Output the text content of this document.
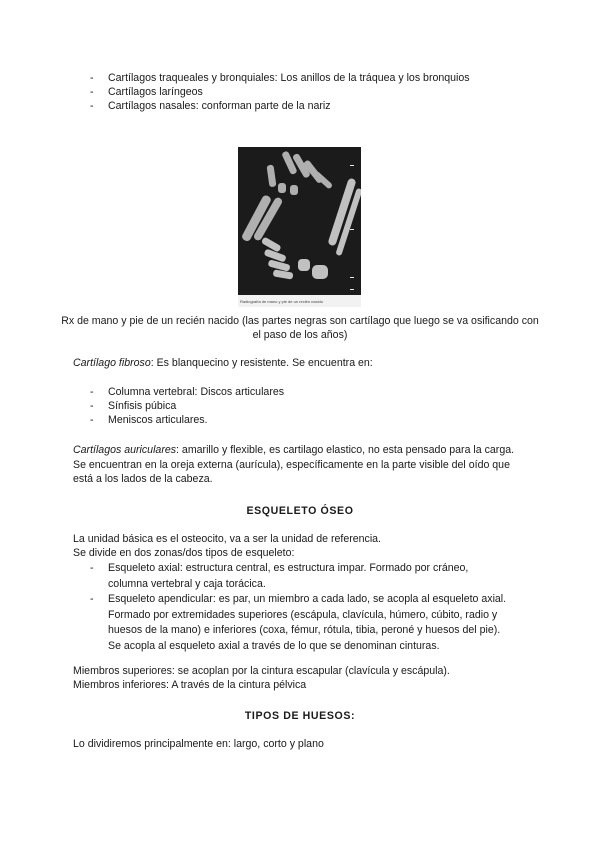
- Cartílagos traqueales y bronquiales: Los anillos de la tráquea y los bronquios
- Cartílagos laríngeos
- Cartílagos nasales: conforman parte de la nariz
Radiografía de mano y pie de un recién nacido
Rx de mano y pie de un recién nacido (las partes negras son cartílago que luego se va osificando con el paso de los años)
Cartílago fibroso: Es blanquecino y resistente. Se encuentra en:
- Columna vertebral: Discos articulares
- Sínfisis púbica
- Meniscos articulares.
Cartílagos auriculares: amarillo y flexible, es cartilago elastico, no esta pensado para la carga. Se encuentran en la oreja externa (aurícula), específicamente en la parte visible del oído que está a los lados de la cabeza.
ESQUELETO ÓSEO
La unidad básica es el osteocito, va a ser la unidad de referencia.
Se divide en dos zonas/dos tipos de esqueleto:
- Esqueleto axial: estructura central, es estructura impar. Formado por cráneo, columna vertebral y caja torácica.
- Esqueleto apendicular: es par, un miembro a cada lado, se acopla al esqueleto axial. Formado por extremidades superiores (escápula, clavícula, húmero, cúbito, radio y huesos de la mano) e inferiores (coxa, fémur, rótula, tibia, peroné y huesos del pie). Se acopla al esqueleto axial a través de lo que se denominan cinturas.
Miembros superiores: se acoplan por la cintura escapular (clavícula y escápula).
Miembros inferiores: A través de la cintura pélvica
TIPOS DE HUESOS:
Lo dividiremos principalmente en: largo, corto y plano
